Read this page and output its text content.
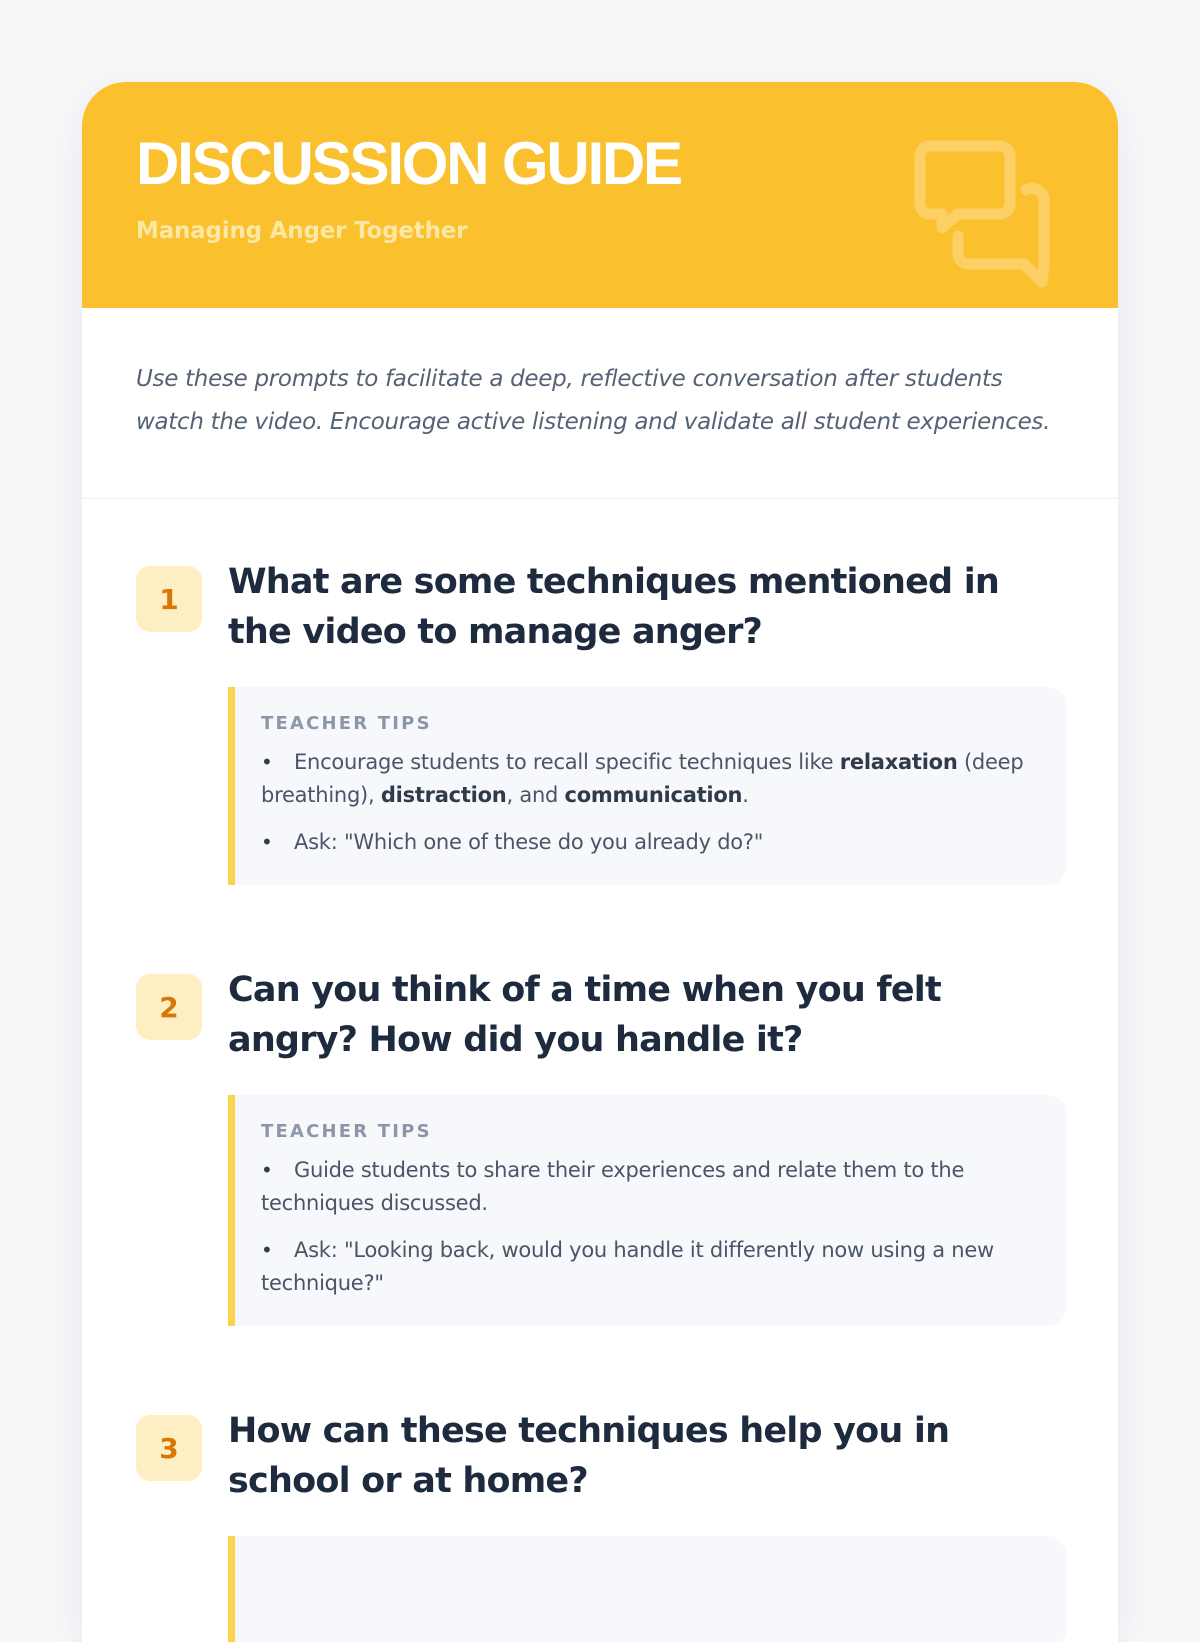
DISCUSSION GUIDE
Managing Anger Together

Use these prompts to facilitate a deep, reflective conversation after students watch the video. Encourage active listening and validate all student experiences.

1	What are some techniques mentioned in the video to manage anger?
TEACHER TIPS
• Encourage students to recall specific techniques like relaxation (deep breathing), distraction, and communication.
• Ask: "Which one of these do you already do?"
2	Can you think of a time when you felt angry? How did you handle it?
TEACHER TIPS
• Guide students to share their experiences and relate them to the techniques discussed.
• Ask: "Looking back, would you handle it differently now using a new technique?"
3	How can these techniques help you in school or at home?
